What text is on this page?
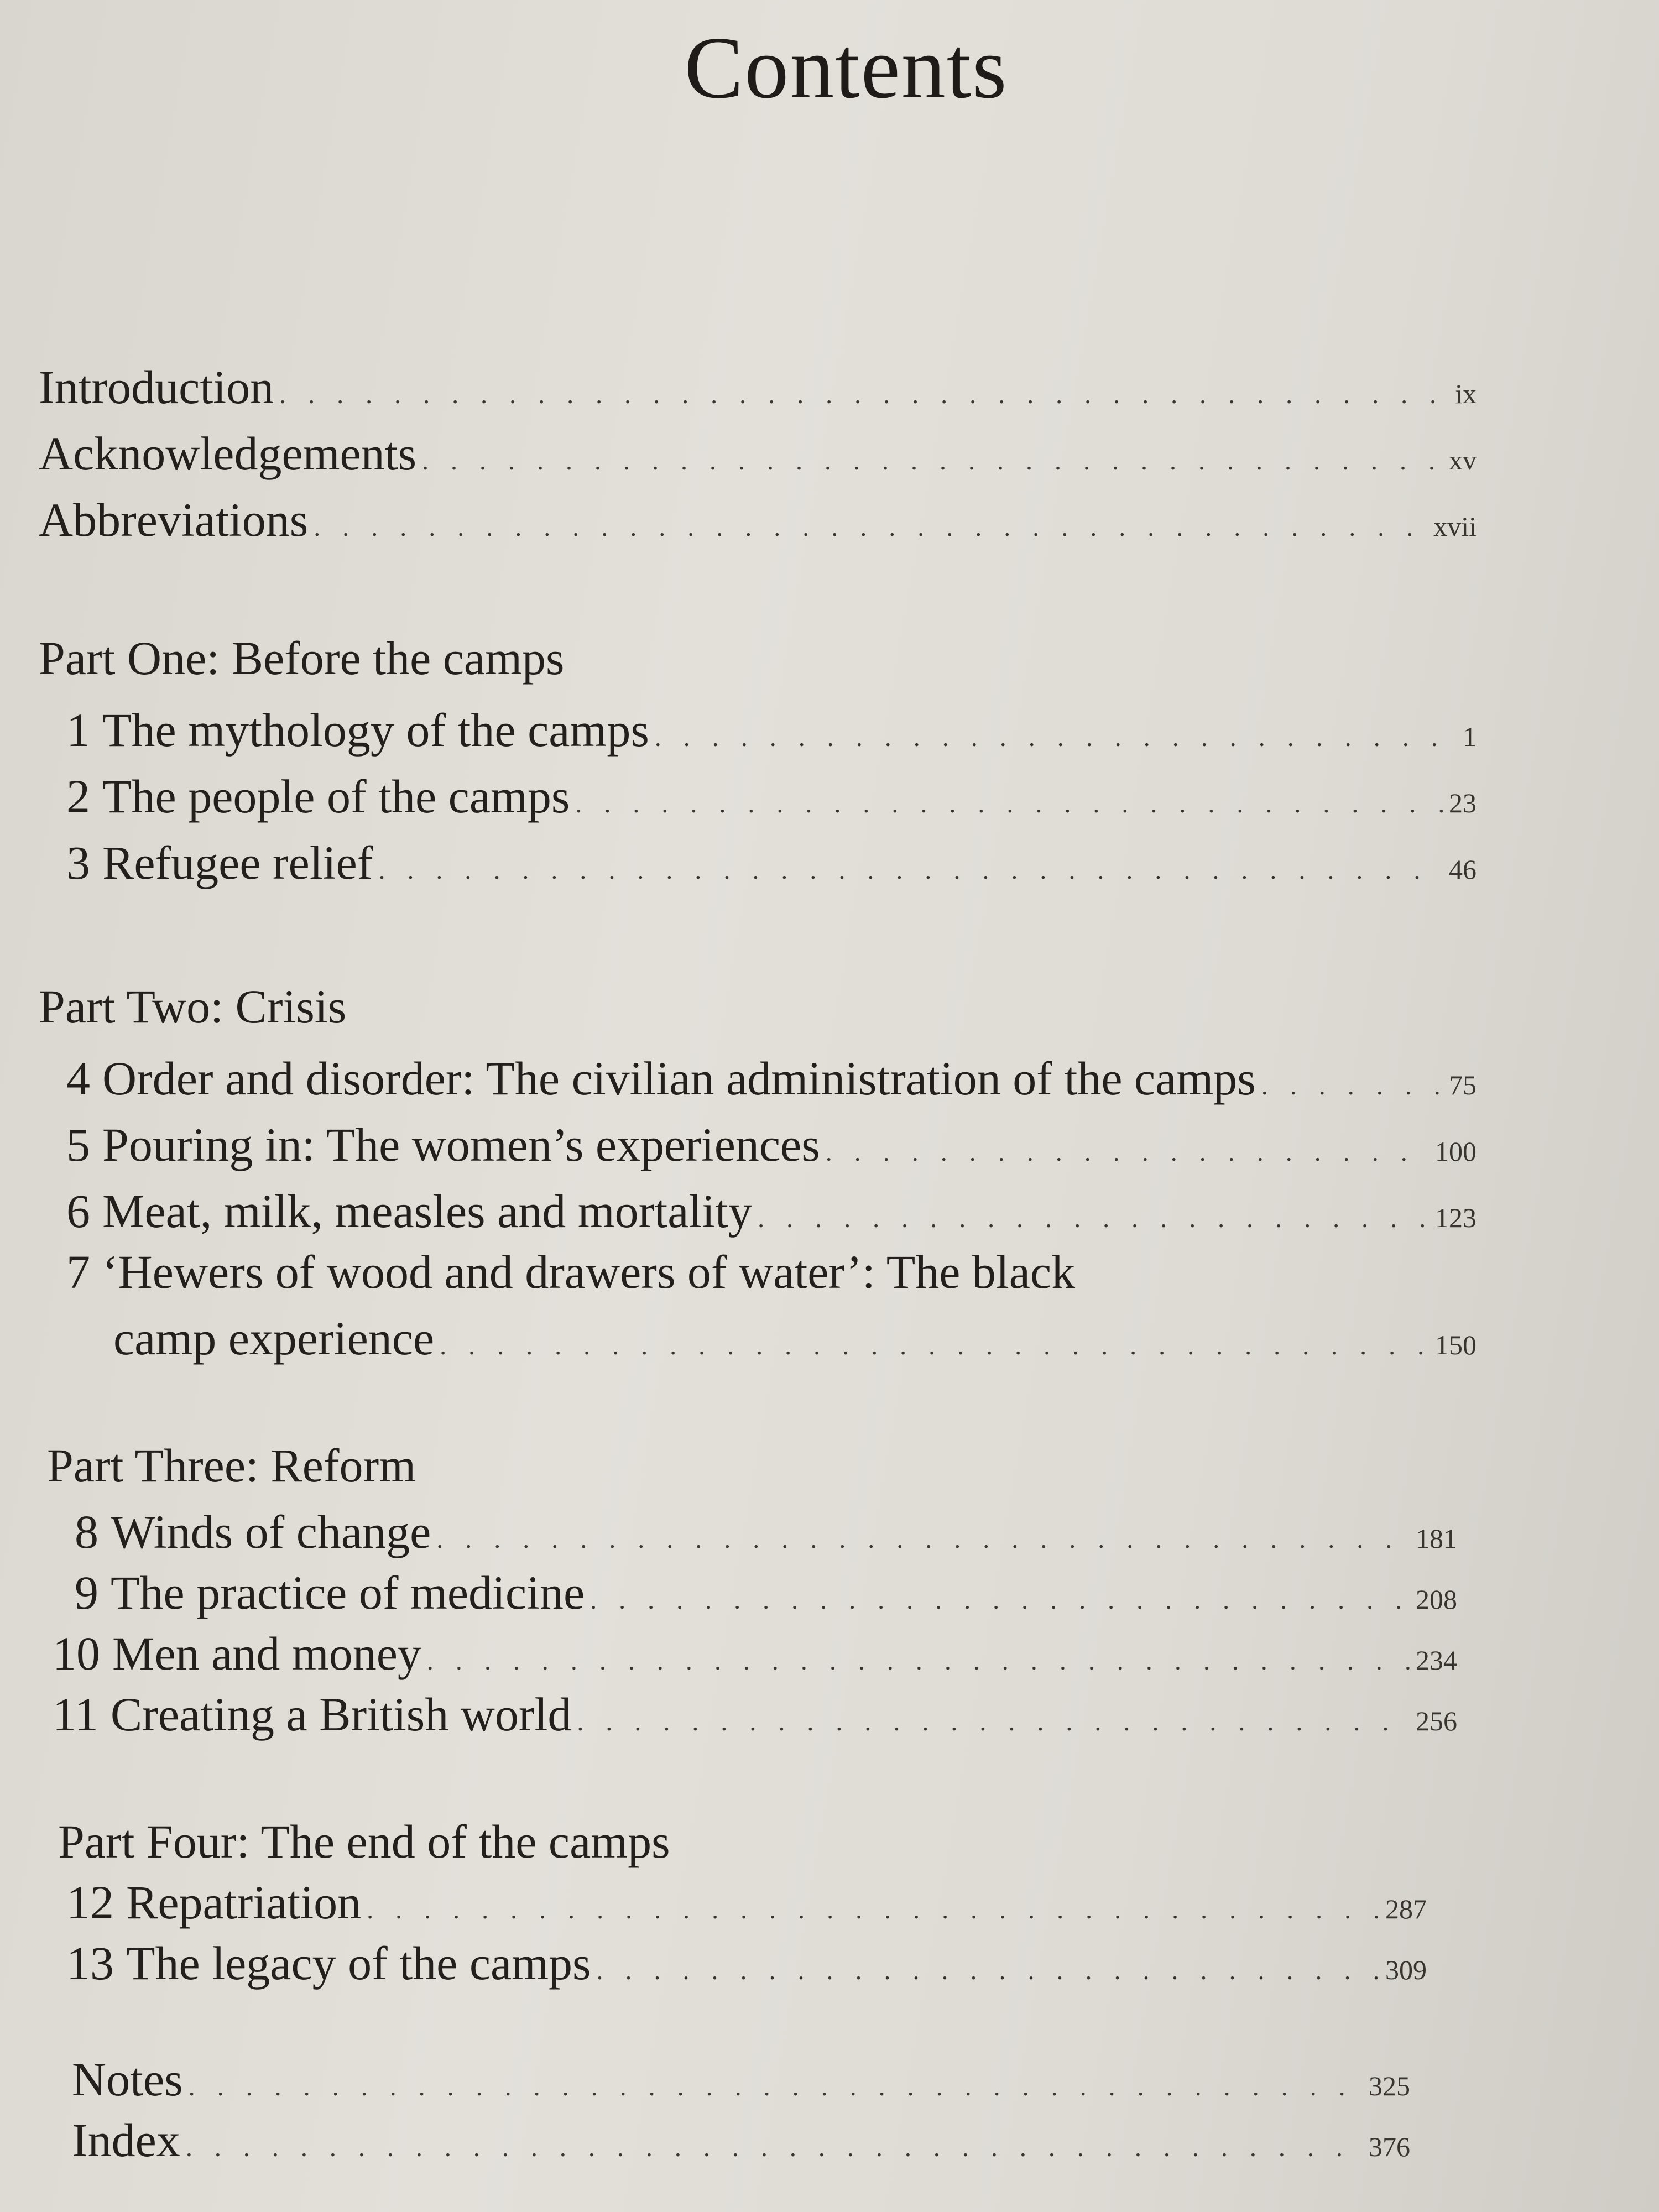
Contents
Introduction . . .	ix
Acknowledgements . . .	xv
Abbreviations . . .	xvii
Part One: Before the camps
1 The mythology of the camps . . .	1
2 The people of the camps . . .	23
3 Refugee relief . . .	46
Part Two: Crisis
4 Order and disorder: The civilian administration of the camps . . .	75
5 Pouring in: The women’s experiences . . .	100
6 Meat, milk, measles and mortality . . .	123
7 ‘Hewers of wood and drawers of water’: The black
camp experience . . .	150
Part Three: Reform
8 Winds of change . . .	181
9 The practice of medicine . . .	208
10 Men and money . . .	234
11 Creating a British world . . .	256
Part Four: The end of the camps
12 Repatriation . . .	287
13 The legacy of the camps . . .	309
Notes . . .	325
Index . . .	376
